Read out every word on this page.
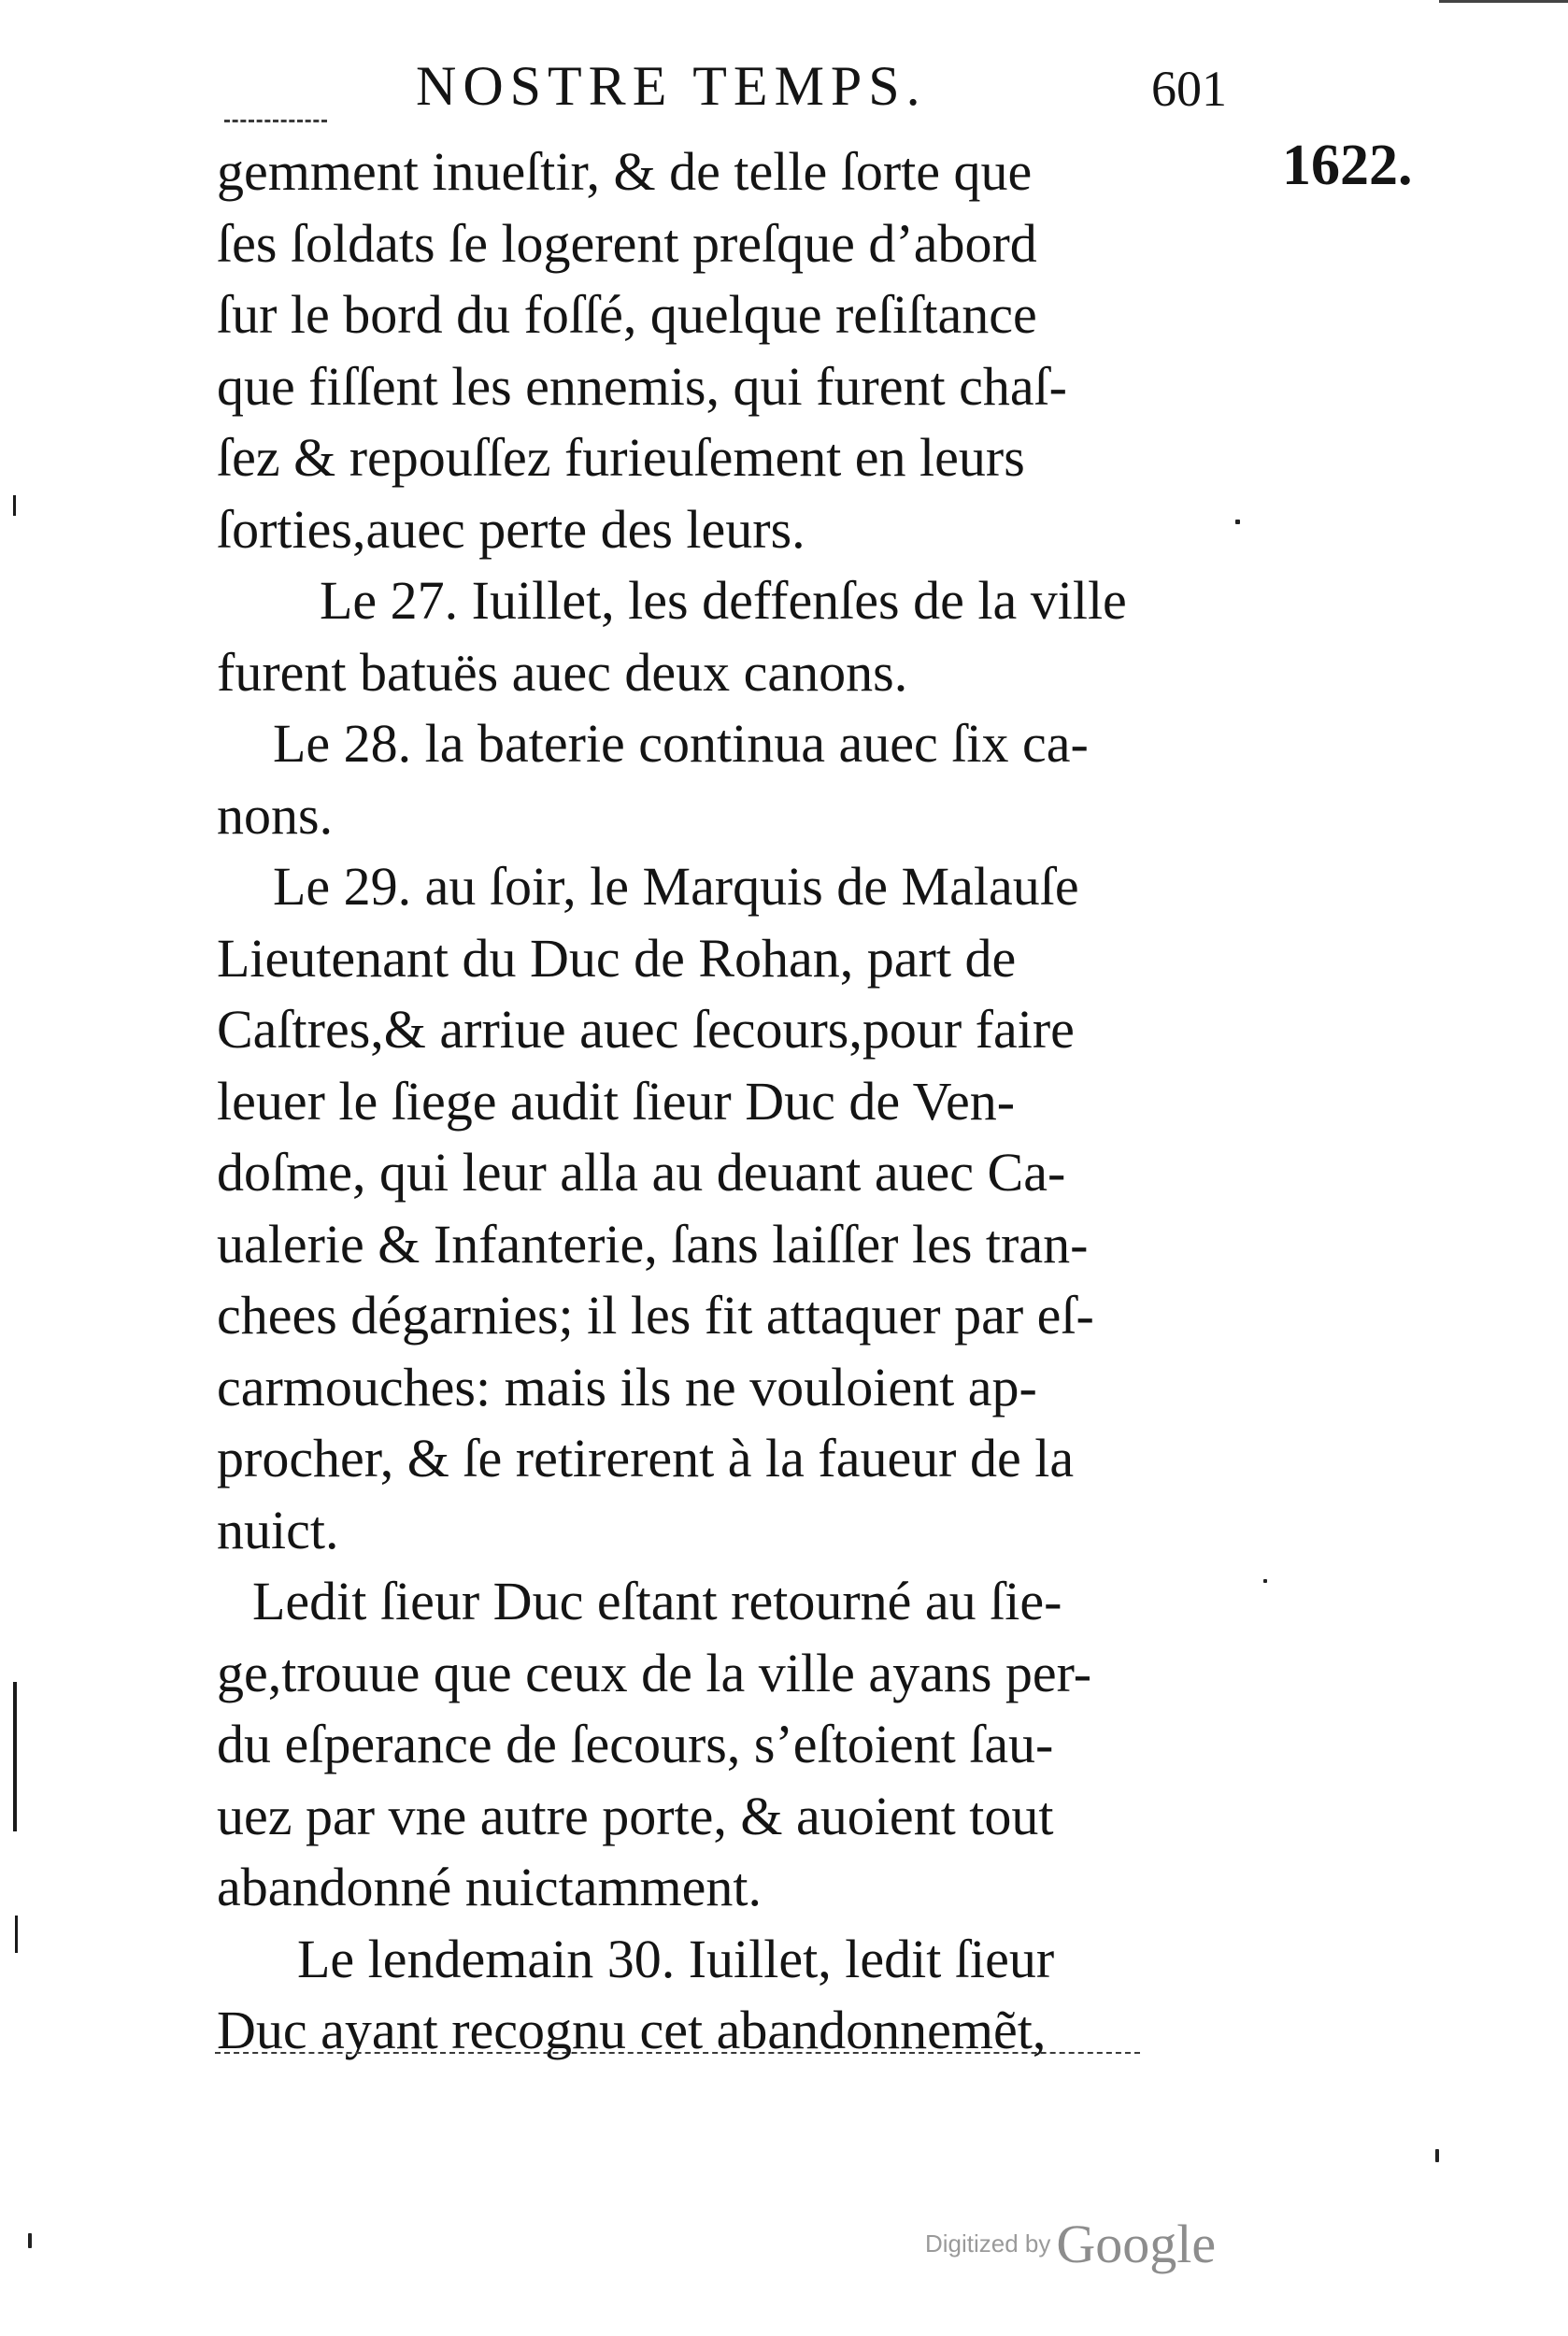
NOSTRE TEMPS.	601
1622.
gemment inueſtir, & de telle ſorte que
ſes ſoldats ſe logerent preſque d’abord
ſur le bord du foſſé, quelque reſiſtance
que fiſſent les ennemis, qui furent chaſ-
ſez & repouſſez furieuſement en leurs
ſorties,auec perte des leurs.
Le 27. Iuillet, les deffenſes de la ville
furent batuës auec deux canons.
Le 28. la baterie continua auec ſix ca-
nons.
Le 29. au ſoir, le Marquis de Malauſe
Lieutenant du Duc de Rohan, part de
Caſtres,& arriue auec ſecours,pour faire
leuer le ſiege audit ſieur Duc de Ven-
doſme, qui leur alla au deuant auec Ca-
ualerie & Infanterie, ſans laiſſer les tran-
chees dégarnies; il les fit attaquer par eſ-
carmouches: mais ils ne vouloient ap-
procher, & ſe retirerent à la faueur de la
nuict.
Ledit ſieur Duc eſtant retourné au ſie-
ge,trouue que ceux de la ville ayans per-
du eſperance de ſecours, s’eſtoient ſau-
uez par vne autre porte, & auoient tout
abandonné nuictamment.
Le lendemain 30. Iuillet, ledit ſieur
Duc ayant recognu cet abandonnemẽt,
Digitized by Google
